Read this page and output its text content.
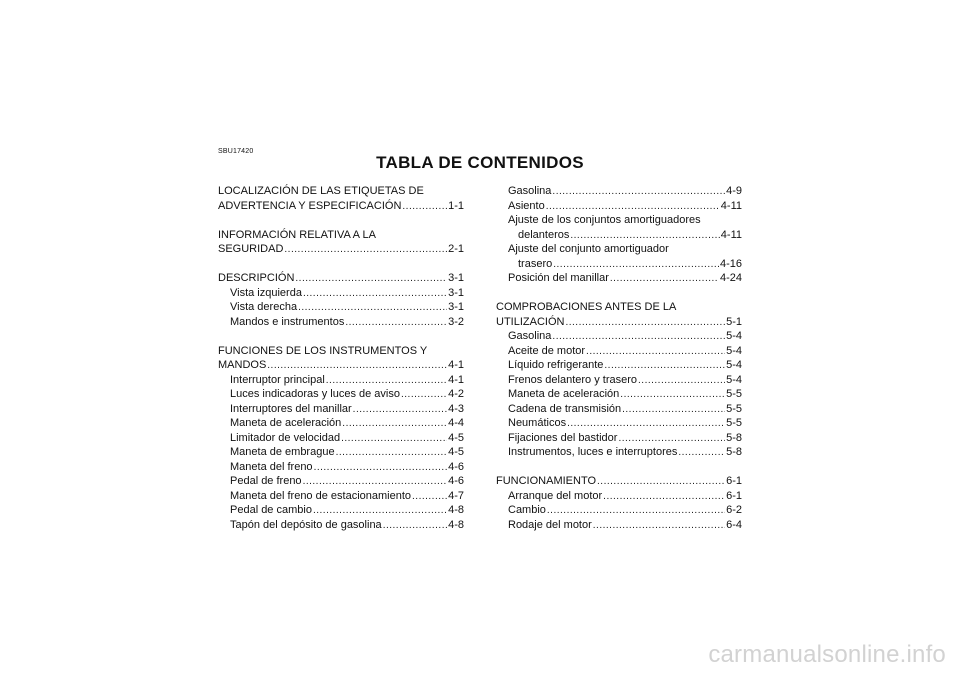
SBU17420
TABLA DE CONTENIDOS
LOCALIZACIÓN DE LAS ETIQUETAS DE
ADVERTENCIA Y ESPECIFICACIÓN .....	1-1
INFORMACIÓN RELATIVA A LA
SEGURIDAD .....	2-1
DESCRIPCIÓN .....	3-1
Vista izquierda .....	3-1
Vista derecha .....	3-1
Mandos e instrumentos .....	3-2
FUNCIONES DE LOS INSTRUMENTOS Y
MANDOS .....	4-1
Interruptor principal .....	4-1
Luces indicadoras y luces de aviso .....	4-2
Interruptores del manillar .....	4-3
Maneta de aceleración .....	4-4
Limitador de velocidad .....	4-5
Maneta de embrague .....	4-5
Maneta del freno .....	4-6
Pedal de freno .....	4-6
Maneta del freno de estacionamiento .....	4-7
Pedal de cambio .....	4-8
Tapón del depósito de gasolina .....	4-8
Gasolina .....	4-9
Asiento .....	4-11
Ajuste de los conjuntos amortiguadores
delanteros .....	4-11
Ajuste del conjunto amortiguador
trasero .....	4-16
Posición del manillar .....	4-24
COMPROBACIONES ANTES DE LA
UTILIZACIÓN .....	5-1
Gasolina .....	5-4
Aceite de motor .....	5-4
Líquido refrigerante .....	5-4
Frenos delantero y trasero .....	5-4
Maneta de aceleración .....	5-5
Cadena de transmisión .....	5-5
Neumáticos .....	5-5
Fijaciones del bastidor .....	5-8
Instrumentos, luces e interruptores .....	5-8
FUNCIONAMIENTO .....	6-1
Arranque del motor .....	6-1
Cambio .....	6-2
Rodaje del motor .....	6-4
carmanualsonline.info
